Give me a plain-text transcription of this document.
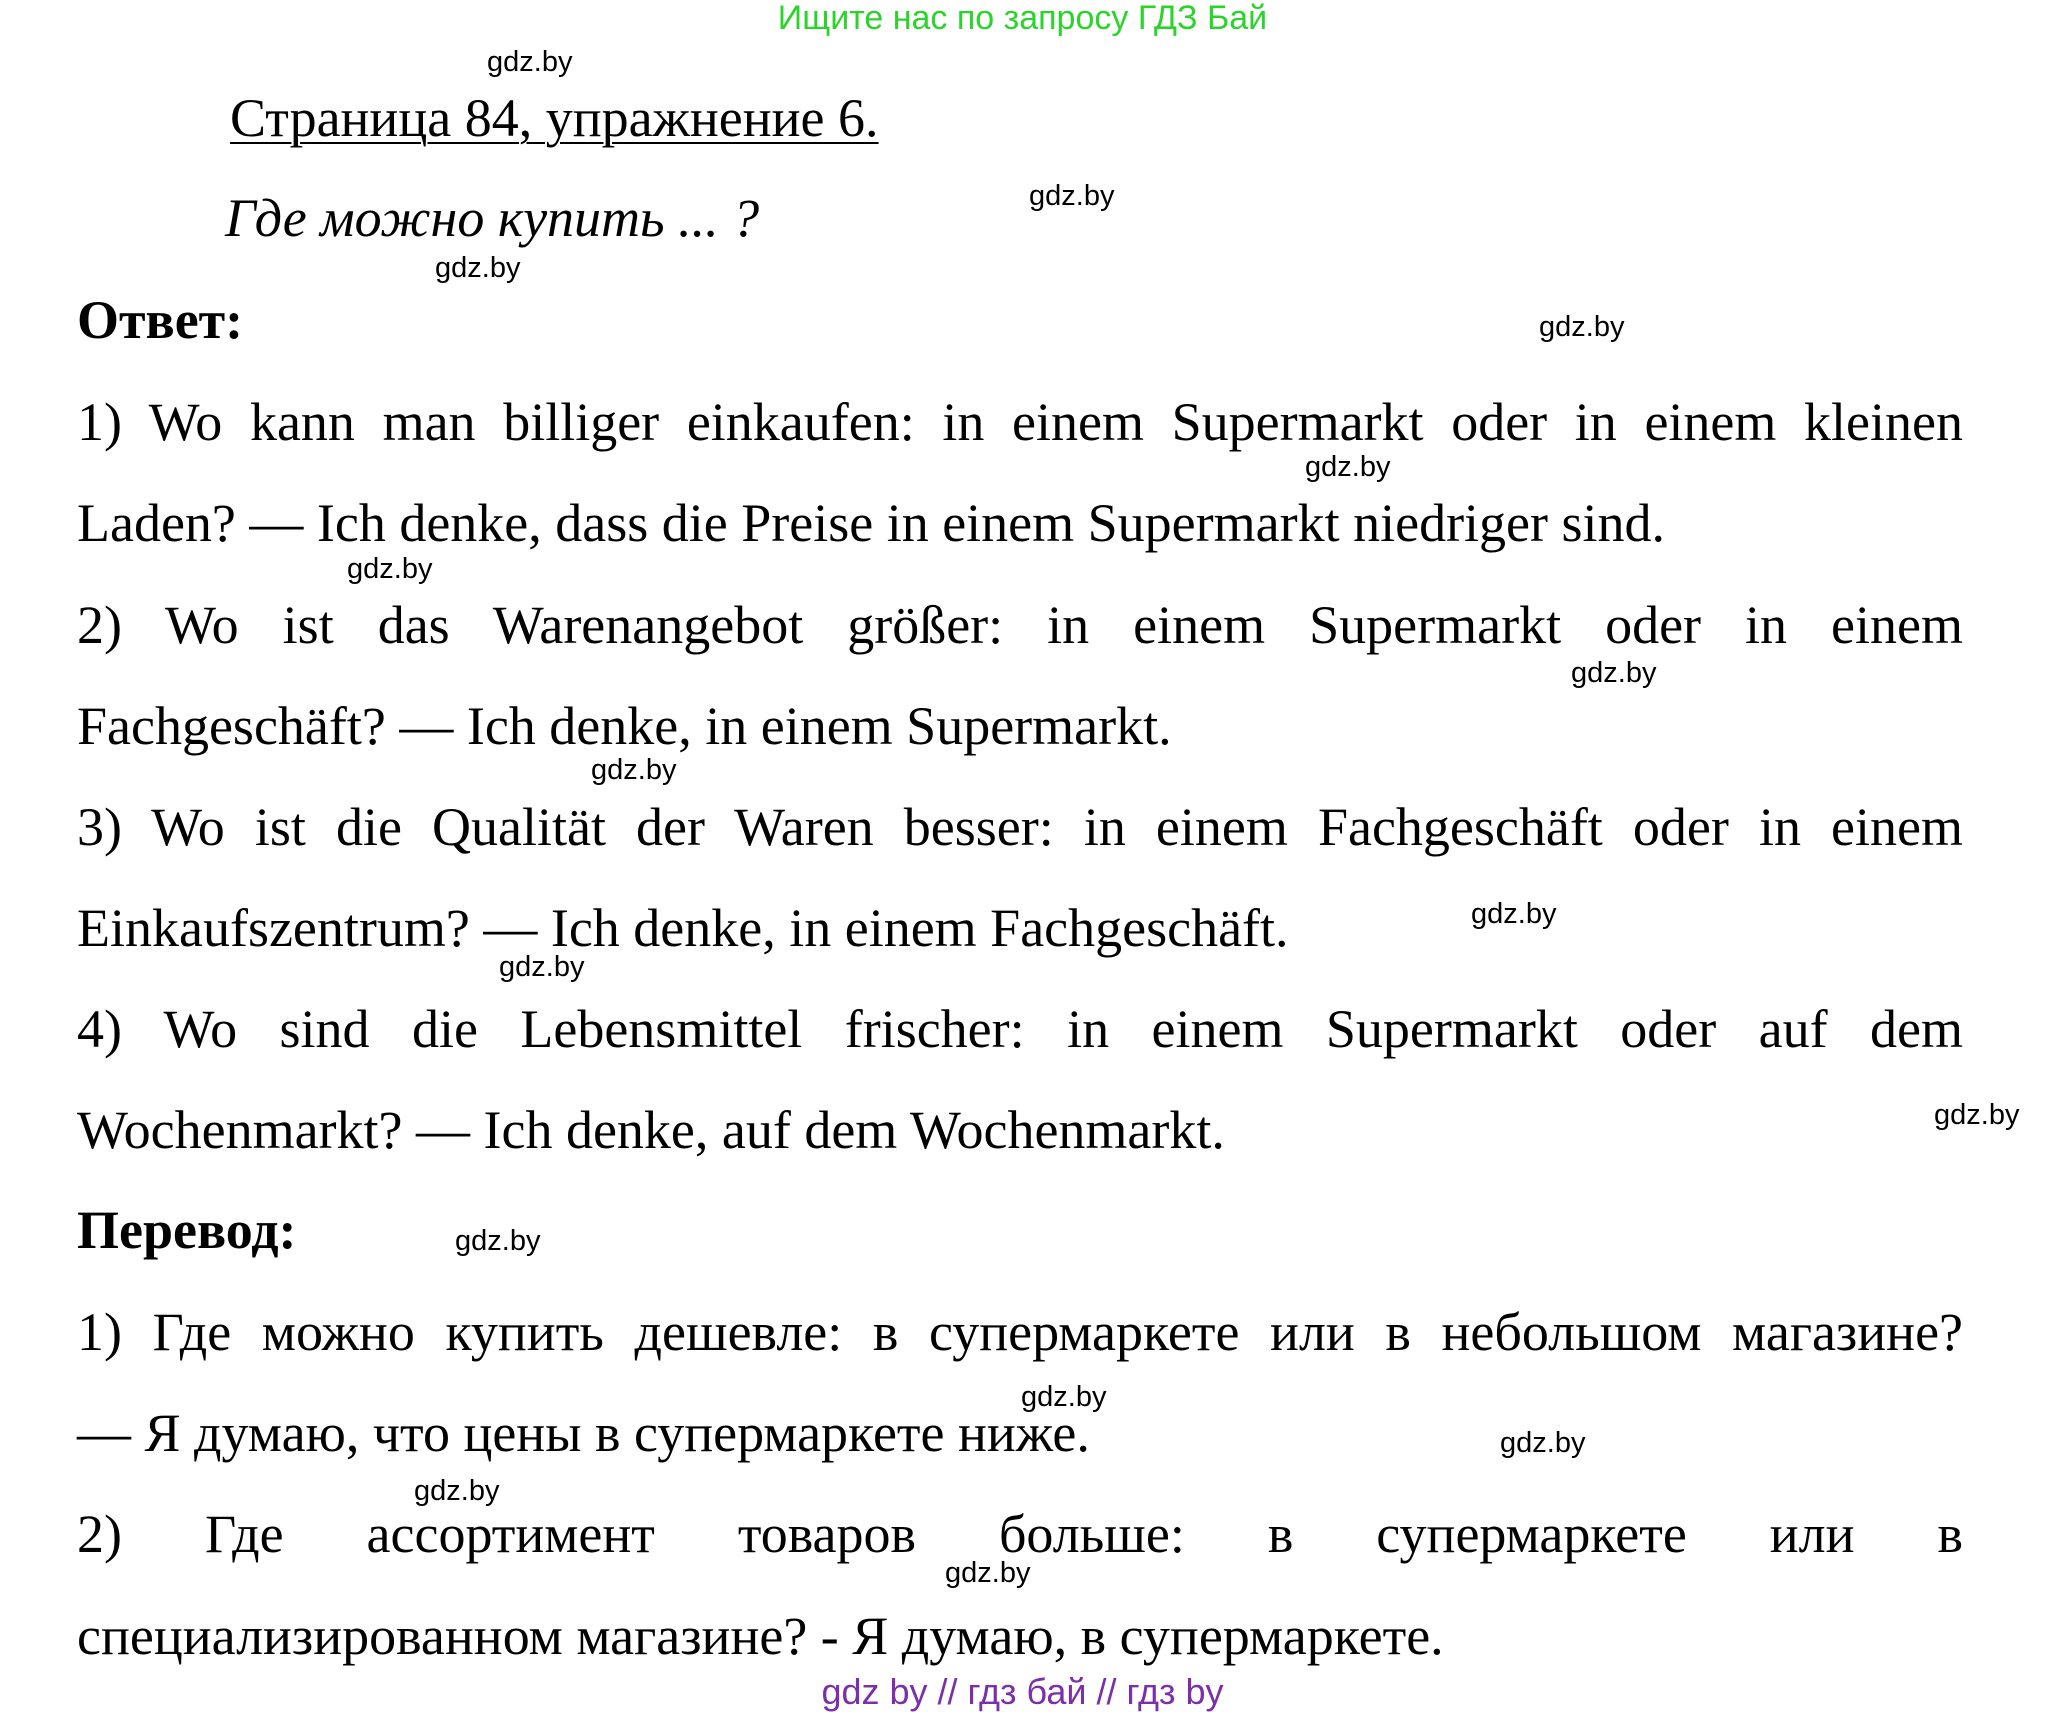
Ищите нас по запросу ГДЗ Бай
Страница 84, упражнение 6.
Где можно купить ... ?
Ответ:
1) Wo kann man billiger einkaufen: in einem Supermarkt oder in einem kleinen
Laden? — Ich denke, dass die Preise in einem Supermarkt niedriger sind.
2) Wo ist das Warenangebot größer: in einem Supermarkt oder in einem
Fachgeschäft? — Ich denke, in einem Supermarkt.
3) Wo ist die Qualität der Waren besser: in einem Fachgeschäft oder in einem
Einkaufszentrum? — Ich denke, in einem Fachgeschäft.
4) Wo sind die Lebensmittel frischer: in einem Supermarkt oder auf dem
Wochenmarkt? — Ich denke, auf dem Wochenmarkt.
Перевод:
1) Где можно купить дешевле: в супермаркете или в небольшом магазине?
— Я думаю, что цены в супермаркете ниже.
2) Где ассортимент товаров больше: в супермаркете или в
специализированном магазине? - Я думаю, в супермаркете.
gdz.by
gdz.by
gdz.by
gdz.by
gdz.by
gdz.by
gdz.by
gdz.by
gdz.by
gdz.by
gdz.by
gdz.by
gdz.by
gdz.by
gdz.by
gdz.by
gdz by // гдз бай // гдз by
